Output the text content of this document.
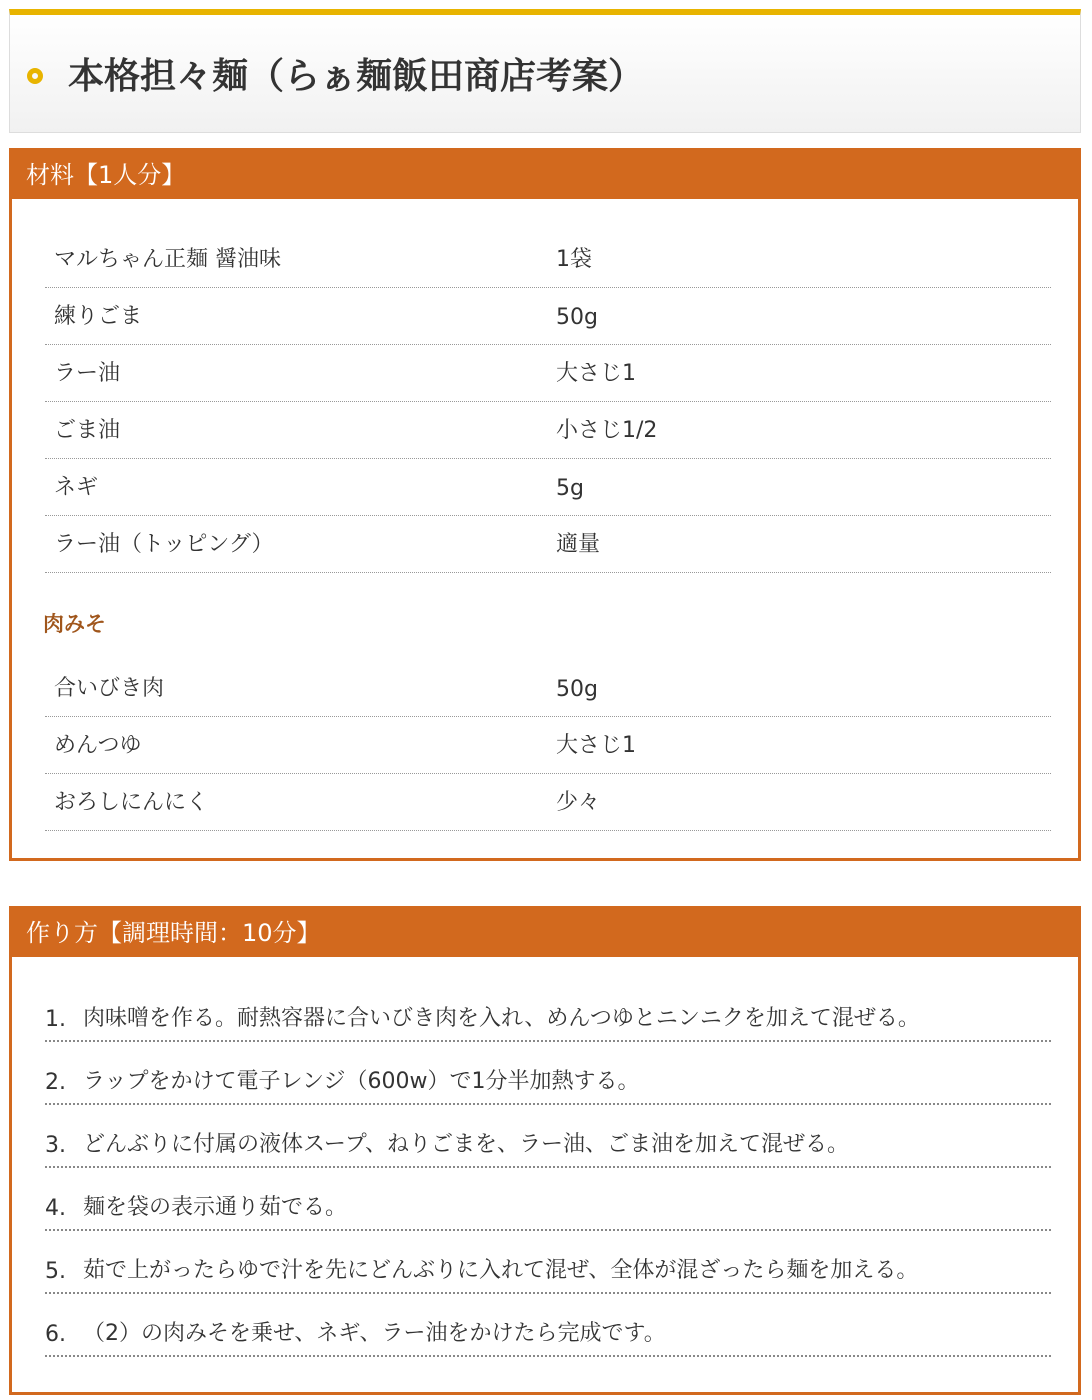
本格担々麺（らぁ麺飯田商店考案）
材料【1人分】
マルちゃん正麺 醤油味	1袋
練りごま	50g
ラー油	大さじ1
ごま油	小さじ1/2
ネギ	5g
ラー油（トッピング）	適量
肉みそ
合いびき肉	50g
めんつゆ	大さじ1
おろしにんにく	少々
作り方【調理時間：10分】
1. 肉味噌を作る。耐熱容器に合いびき肉を入れ、めんつゆとニンニクを加えて混ぜる。
2. ラップをかけて電子レンジ（600w）で1分半加熱する。
3. どんぶりに付属の液体スープ、ねりごまを、ラー油、ごま油を加えて混ぜる。
4. 麺を袋の表示通り茹でる。
5. 茹で上がったらゆで汁を先にどんぶりに入れて混ぜ、全体が混ざったら麺を加える。
6. （2）の肉みそを乗せ、ネギ、ラー油をかけたら完成です。
